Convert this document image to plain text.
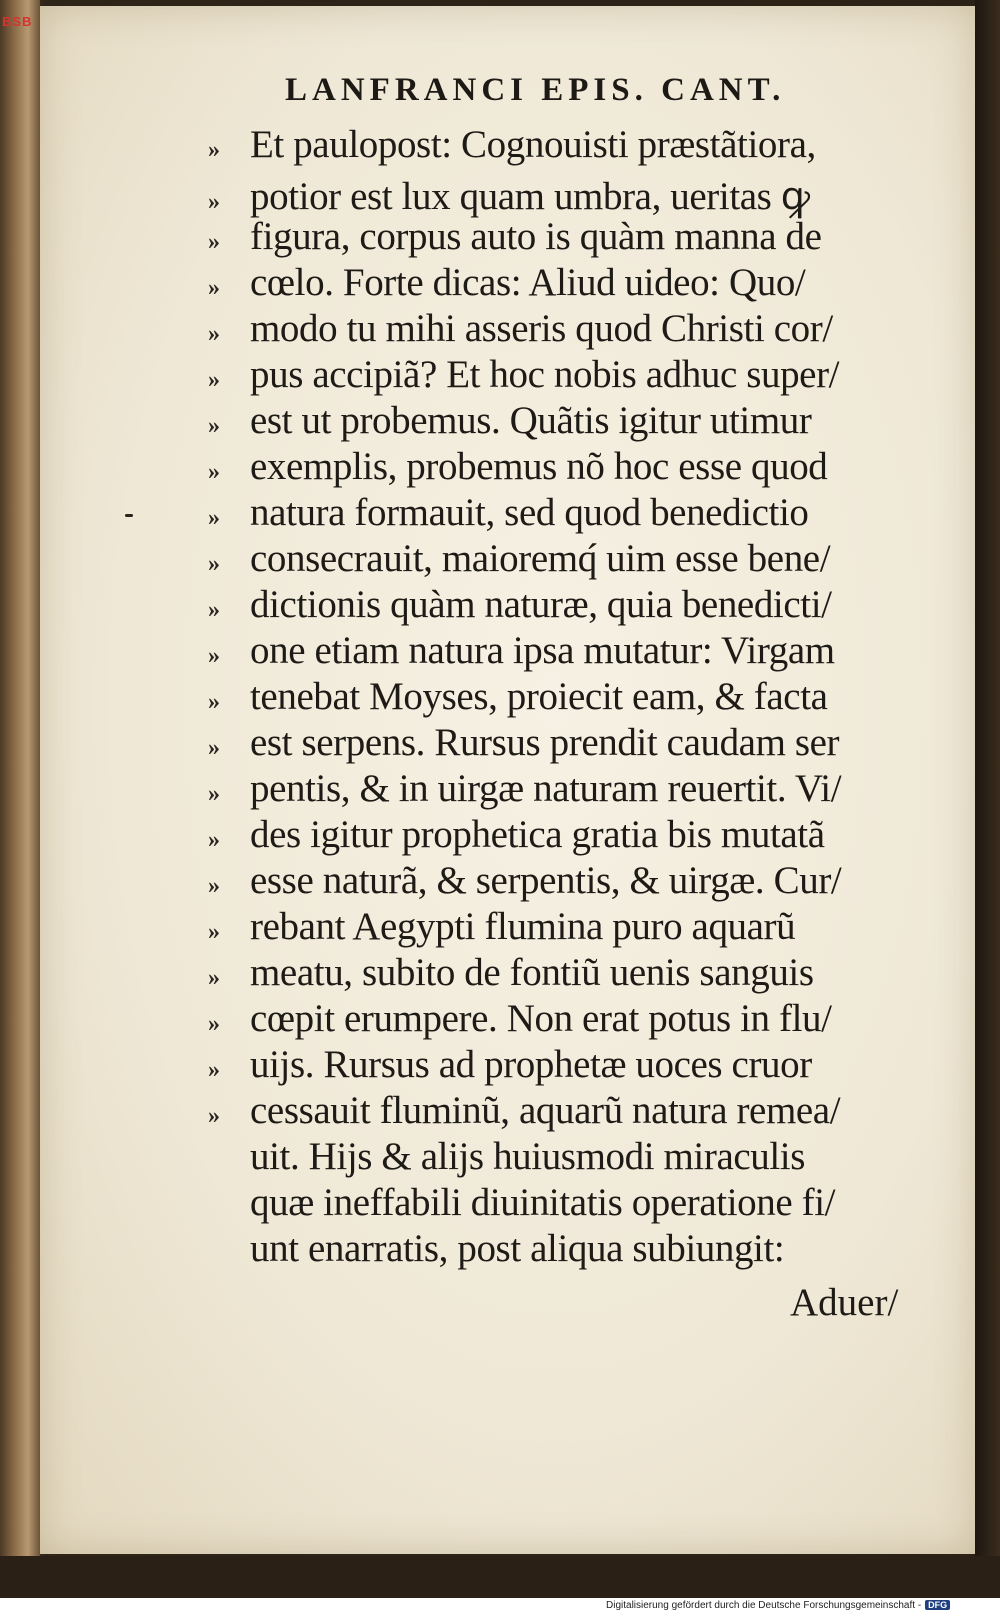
BSB
LANFRANCI EPIS. CANT.
» Et paulopost: Cognouisti præstãtiora,
» potior est lux quam umbra, ueritas ꝙ
» figura, corpus auto is quàm manna de
» cœlo. Forte dicas: Aliud uideo: Quo/
» modo tu mihi asseris quod Christi cor/
» pus accipiã? Et hoc nobis adhuc super/
» est ut probemus. Quãtis igitur utimur
» exemplis, probemus nõ hoc esse quod
» natura formauit, sed quod benedictio
» consecrauit, maioremq́ uim esse bene/
» dictionis quàm naturæ, quia benedicti/
» one etiam natura ipsa mutatur: Virgam
» tenebat Moyses, proiecit eam, & facta
» est serpens. Rursus prendit caudam ser
» pentis, & in uirgæ naturam reuertit. Vi/
» des igitur prophetica gratia bis mutatã
» esse naturã, & serpentis, & uirgæ. Cur/
» rebant Aegypti flumina puro aquarũ
» meatu, subito de fontiũ uenis sanguis
» cœpit erumpere. Non erat potus in flu/
» uijs. Rursus ad prophetæ uoces cruor
» cessauit fluminũ, aquarũ natura remea/
uit. Hijs & alijs huiusmodi miraculis
quæ ineffabili diuinitatis operatione fi/
unt enarratis, post aliqua subiungit:
Aduer/
Digitalisierung gefördert durch die Deutsche Forschungsgemeinschaft - DFG
